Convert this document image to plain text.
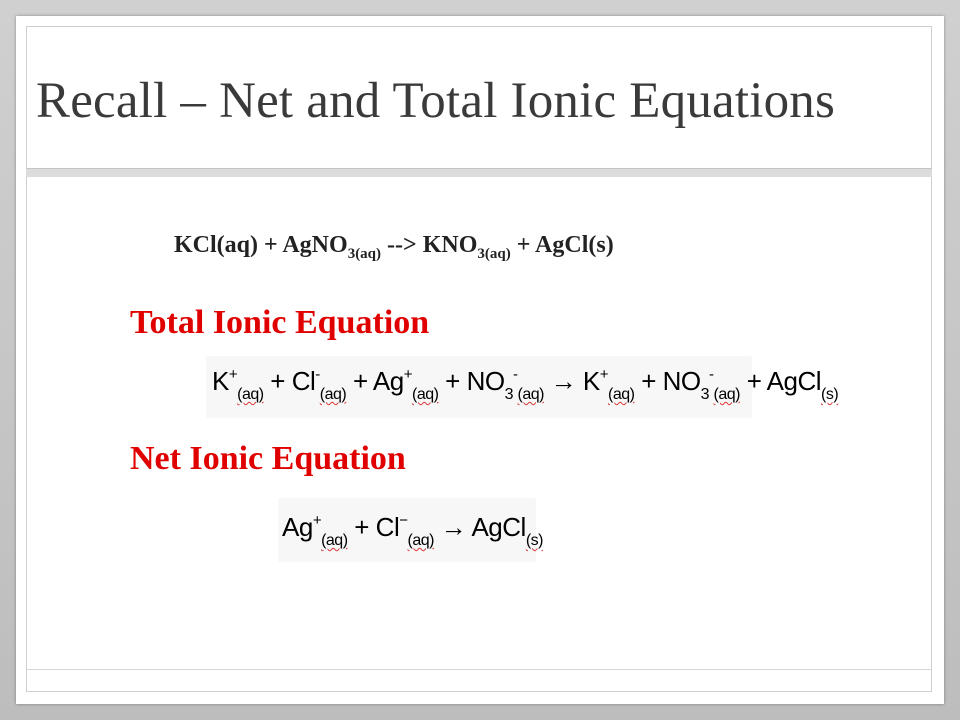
Recall – Net and Total Ionic Equations
KCl(aq) + AgNO$_{3(aq)}$ --> $KNO_{3(aq)}$ + AgCl(s)
Total Ionic Equation
$K^+_{(aq)} + Cl^-_{(aq)} + Ag^+_{(aq)} + NO_3^-_{(aq)} \to K^+_{(aq)} + NO_3^-_{(aq)}$ + AgCl$_{(s)}$
Net Ionic Equation
$Ag^+_{(aq)} + Cl^-_{(aq)}$ → AgCl$_{(s)}$
